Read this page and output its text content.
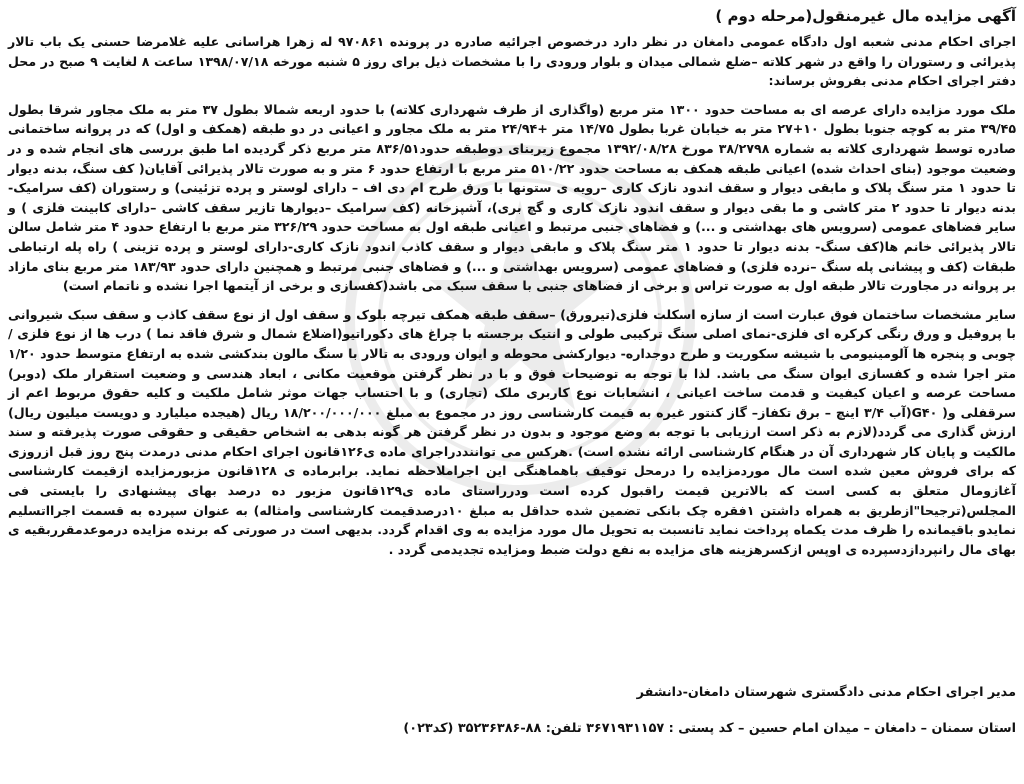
آگهی مزایده مال غیرمنقول(مرحله دوم )

اجرای احکام مدنی شعبه اول دادگاه عمومی دامغان در نظر دارد درخصوص اجرائیه صادره در پرونده ۹۷۰۸۶۱ له زهرا هراسانی علیه غلامرضا حسنی یک باب تالار پذیرائی و رستوران را واقع در شهر کلاته –ضلع شمالی میدان و بلوار ورودی را با مشخصات ذیل برای روز ۵ شنبه مورخه ۱۳۹۸/۰۷/۱۸ ساعت ۸ لغایت ۹ صبح در محل دفتر اجرای احکام مدنی بفروش برساند:

ملک مورد مزایده دارای عرصه ای به مساحت حدود ۱۳۰۰ متر مربع (واگذاری از طرف شهرداری کلاته) با حدود اربعه شمالا بطول ۳۷ متر به ملک مجاور شرقا بطول ۳۹/۴۵ متر به کوچه جنوبا بطول ۱۰+۲۷ متر به خیابان غربا بطول ۱۴/۷۵ متر +۲۴/۹۴ متر به ملک مجاور و اعیانی در دو طبقه (همکف و اول) که در پروانه ساختمانی صادره توسط شهرداری کلاته به شماره ۳۸/۲۷۹۸ مورخ ۱۳۹۲/۰۸/۲۸ مجموع زیربنای دوطبقه حدود۸۳۶/۵۱ متر مربع ذکر گردیده اما طبق بررسی های انجام شده و در وضعیت موجود (بنای احداث شده) اعیانی طبقه همکف به مساحت حدود ۵۱۰/۲۲ متر مربع با ارتفاع حدود ۶ متر و به صورت تالار پذیرائی آقایان( کف سنگ، بدنه دیوار تا حدود ۱ متر سنگ پلاک و مابقی دیوار و سقف اندود نازک کاری –رویه ی ستونها با ورق طرح ام دی اف – دارای لوستر و پرده تزئینی) و رستوران (کف سرامیک-بدنه دیوار تا حدود ۲ متر کاشی و ما بقی دیوار و سقف اندود نازک کاری و گچ بری)، آشپزخانه (کف سرامیک –دیوارها تازیر سقف کاشی –دارای کابینت فلزی ) و سایر فضاهای عمومی (سرویس های بهداشتی و ...) و فضاهای جنبی مرتبط و اعیانی طبقه اول به مساحت حدود ۳۲۶/۲۹ متر مربع با ارتفاع حدود ۴ متر شامل سالن تالار پذیرائی خانم ها(کف سنگ- بدنه دیوار تا حدود ۱ متر سنگ پلاک و مابقی دیوار و سقف کاذب اندود نازک کاری-دارای لوستر و پرده تزینی ) راه پله ارتباطی طبقات (کف و پیشانی پله سنگ –نرده فلزی) و فضاهای عمومی (سرویس بهداشتی و ...) و فضاهای جنبی مرتبط و همچنین دارای حدود ۱۸۳/۹۳ متر مربع بنای مازاد بر پروانه در مجاورت تالار طبقه اول به صورت تراس و برخی از فضاهای جنبی با سقف سبک می باشد(کفسازی و برخی از آیتمها اجرا نشده و ناتمام است)

سایر مشخصات ساختمان فوق عبارت است از سازه اسکلت فلزی(تیرورق) –سقف طبقه همکف تیرچه بلوک و سقف اول از نوع سقف کاذب و سقف سبک شیروانی با پروفیل و ورق رنگی کرکره ای فلزی-نمای اصلی سنگ ترکیبی طولی و انتیک برجسته با چراغ های دکوراتیو(اضلاع شمال و شرق فاقد نما ) درب ها از نوع فلزی / چوبی و پنجره ها آلومینیومی با شیشه سکوریت و طرح دوجداره- دیوارکشی محوطه و ایوان ورودی به تالار با سنگ مالون بندکشی شده به ارتفاع متوسط حدود ۱/۲۰ متر اجرا شده و کفسازی ایوان سنگ می باشد. لذا با توجه به توضیحات فوق و با در نظر گرفتن موقعیت مکانی ، ابعاد هندسی و وضعیت استقرار ملک (دوبر) مساحت عرصه و اعیان کیفیت و قدمت ساخت اعیانی ، انشعابات نوع کاربری ملک (تجاری) و با احتساب جهات موثر شامل ملکیت و کلیه حقوق مربوط اعم از سرقفلی و( G۴۰(آب ۳/۴ اینچ – برق تکفاز– گاز کنتور غیره به قیمت کارشناسی روز در مجموع به مبلغ ۱۸/۲۰۰/۰۰۰/۰۰۰ ریال (هیجده میلیارد و دویست میلیون ریال) ارزش گذاری می گردد(لازم به ذکر است ارزیابی با توجه به وضع موجود و بدون در نظر گرفتن هر گونه بدهی به اشخاص حقیقی و حقوقی صورت پذیرفته و سند مالکیت و پایان کار شهرداری آن در هنگام کارشناسی ارائه نشده است) .هرکس می تواننددراجرای ماده ی۱۲۶قانون اجرای احکام مدنی درمدت پنج روز قبل ازروزی که برای فروش معین شده است مال موردمزایده را درمحل توقیف باهماهنگی این اجراملاحظه نماید. برابرماده ی ۱۲۸قانون مزبورمزایده ازقیمت کارشناسی آغازومال متعلق به کسی است که بالاترین قیمت راقبول کرده است ودرراستای ماده ی۱۲۹قانون مزبور ده درصد بهای پیشنهادی را بایستی فی المجلس(ترجیحا"ازطریق به همراه داشتن ۱فقره چک بانکی تضمین شده حداقل به مبلغ ۱۰درصدقیمت کارشناسی وامثاله) به عنوان سپرده به قسمت اجرااتسلیم نمایدو باقیمانده را ظرف مدت یکماه پرداخت نماید تانسبت به تحویل مال مورد مزایده به وی اقدام گردد. بدیهی است در صورتی که برنده مزایده درموعدمقرربقیه ی بهای مال رانپردازدسپرده ی اوپس ازکسرهزینه های مزایده به نفع دولت ضبط ومزایده تجدیدمی گردد .

مدیر اجرای احکام مدنی دادگستری شهرستان دامغان-دانشفر
استان سمنان – دامغان – میدان امام حسین – کد پستی : ۳۶۷۱۹۳۱۱۵۷ تلفن: ۸۸-۳۵۲۳۶۳۸۶ (کد۰۲۳)
